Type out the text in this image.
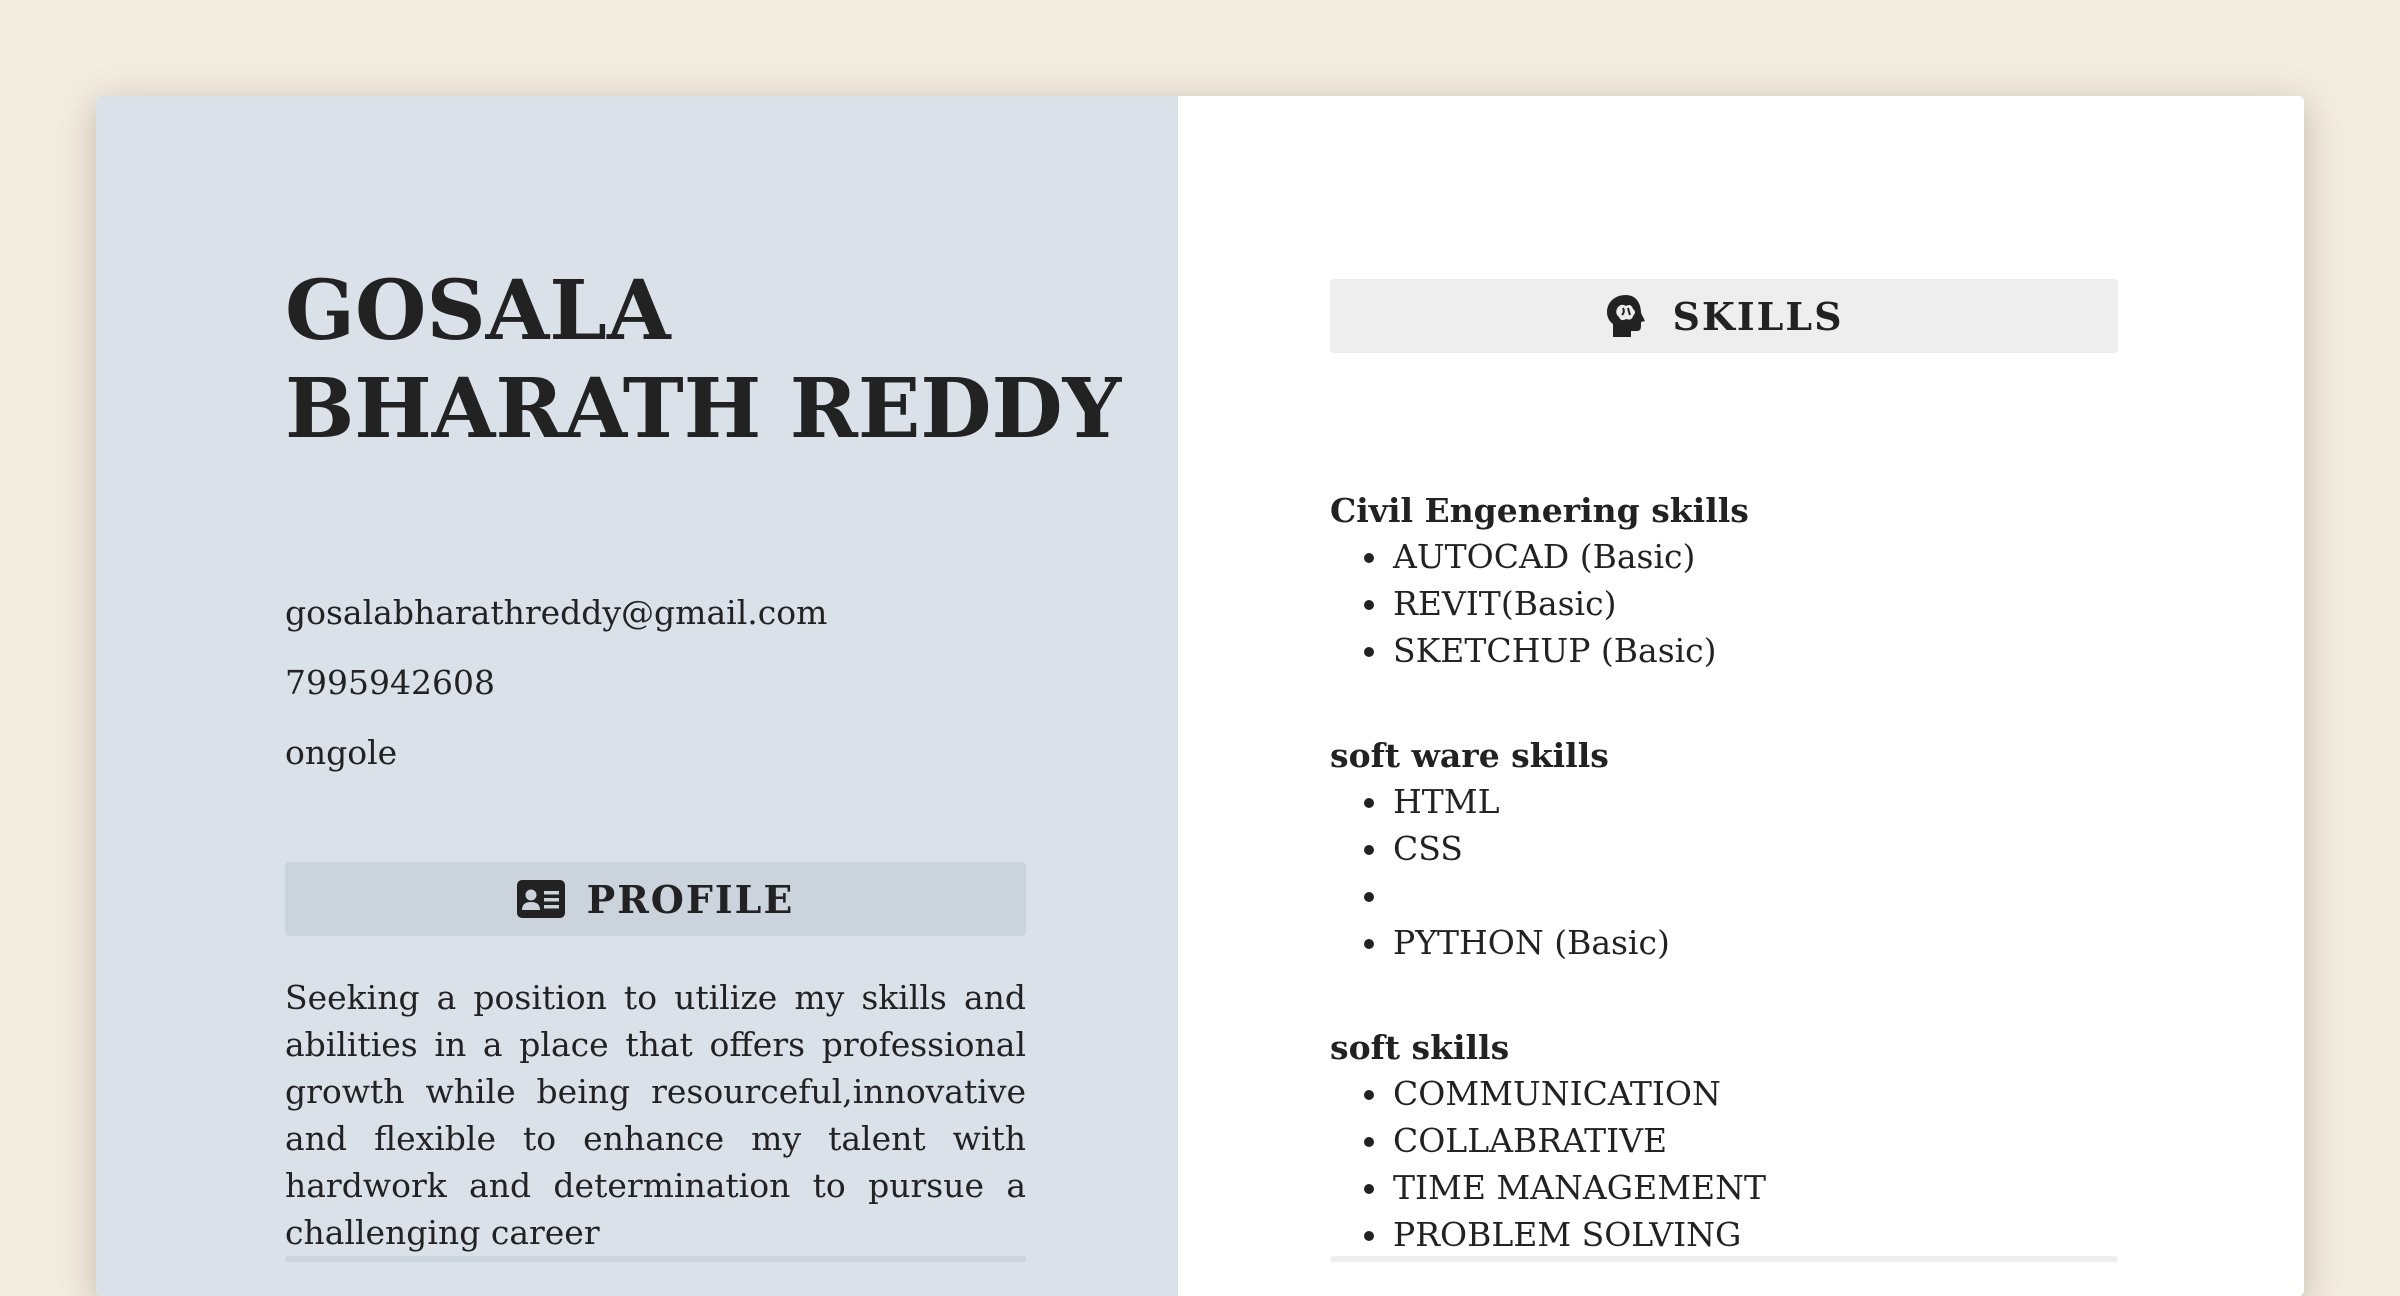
GOSALA
BHARATH REDDY
gosalabharathreddy@gmail.com
7995942608
ongole
PROFILE

Seeking a position to utilize my skills and abilities in a place that offers professional growth while being resourceful,innovative and flexible to enhance my talent with hardwork and determination to pursue a challenging career

SKILLS

Civil Engenering skills

AUTOCAD (Basic)
REVIT(Basic)
SKETCHUP (Basic)

soft ware skills

HTML
CSS
PYTHON (Basic)

soft skills

COMMUNICATION
COLLABRATIVE
TIME MANAGEMENT
PROBLEM SOLVING
